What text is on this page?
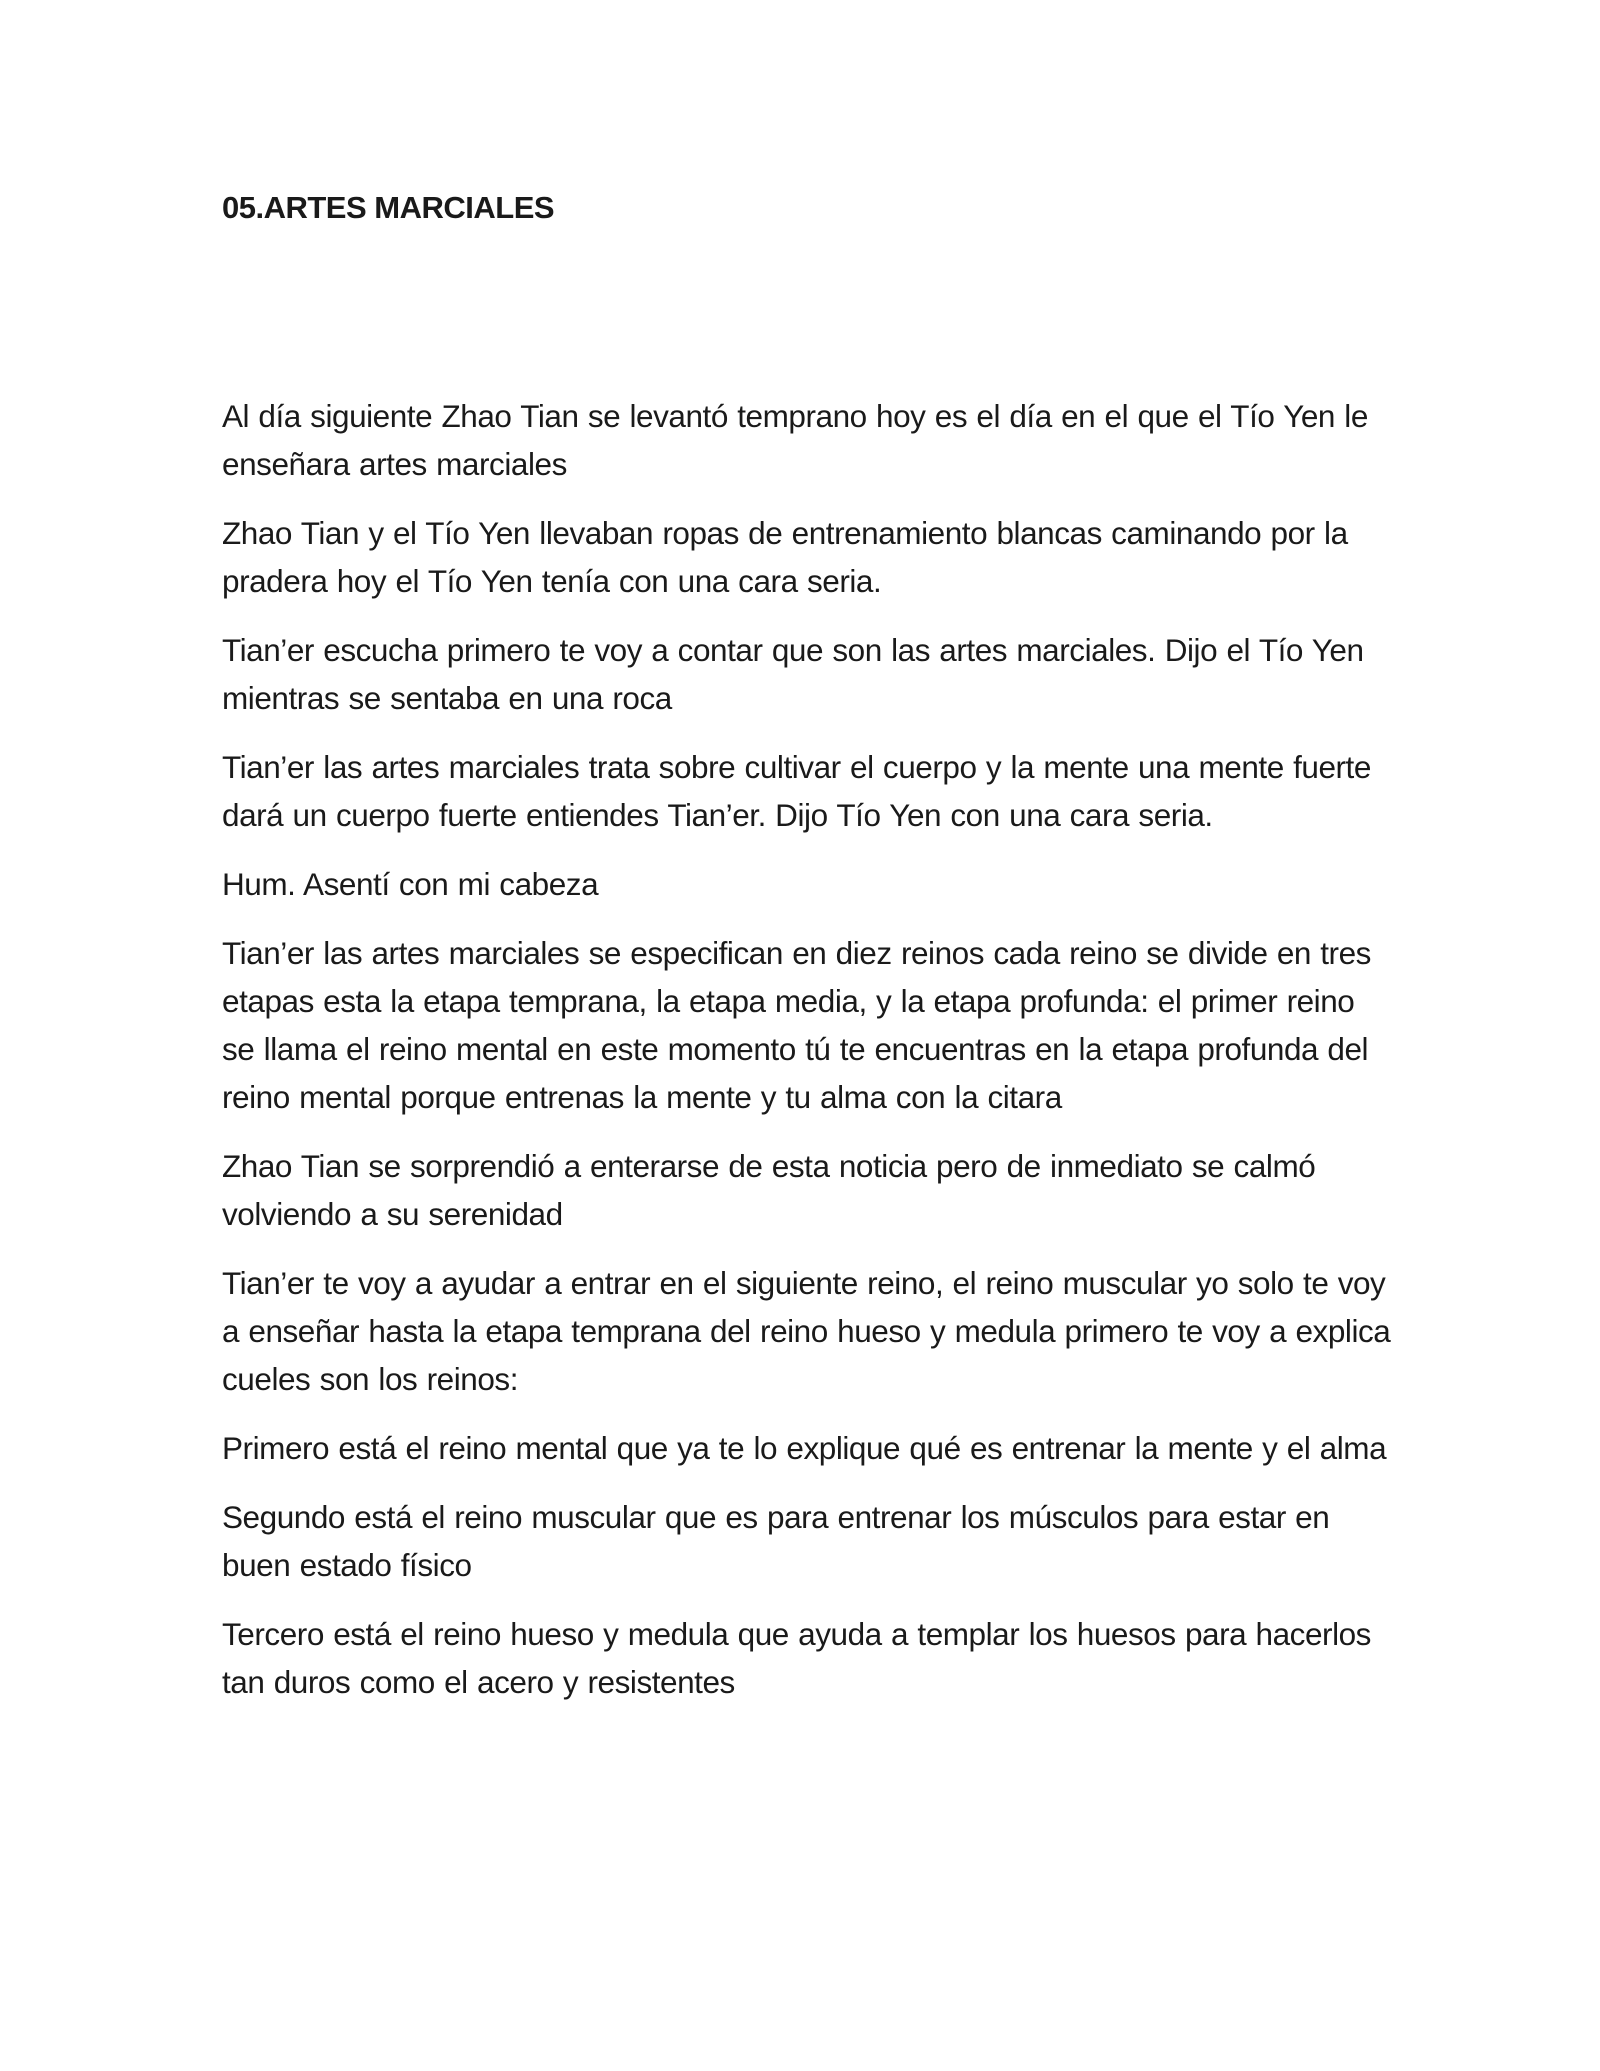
05.ARTES MARCIALES

Al día siguiente Zhao Tian se levantó temprano hoy es el día en el que el Tío Yen le enseñara artes marciales

Zhao Tian y el Tío Yen llevaban ropas de entrenamiento blancas caminando por la pradera hoy el Tío Yen tenía con una cara seria.

Tian’er escucha primero te voy a contar que son las artes marciales. Dijo el Tío Yen mientras se sentaba en una roca

Tian’er las artes marciales trata sobre cultivar el cuerpo y la mente una mente fuerte dará un cuerpo fuerte entiendes Tian’er. Dijo Tío Yen con una cara seria.

Hum. Asentí con mi cabeza

Tian’er las artes marciales se especifican en diez reinos cada reino se divide en tres etapas esta la etapa temprana, la etapa media, y la etapa profunda: el primer reino se llama el reino mental en este momento tú te encuentras en la etapa profunda del reino mental porque entrenas la mente y tu alma con la citara

Zhao Tian se sorprendió a enterarse de esta noticia pero de inmediato se calmó volviendo a su serenidad

Tian’er te voy a ayudar a entrar en el siguiente reino, el reino muscular yo solo te voy a enseñar hasta la etapa temprana del reino hueso y medula primero te voy a explica cueles son los reinos:

Primero está el reino mental que ya te lo explique qué es entrenar la mente y el alma

Segundo está el reino muscular que es para entrenar los músculos para estar en buen estado físico

Tercero está el reino hueso y medula que ayuda a templar los huesos para hacerlos tan duros como el acero y resistentes
